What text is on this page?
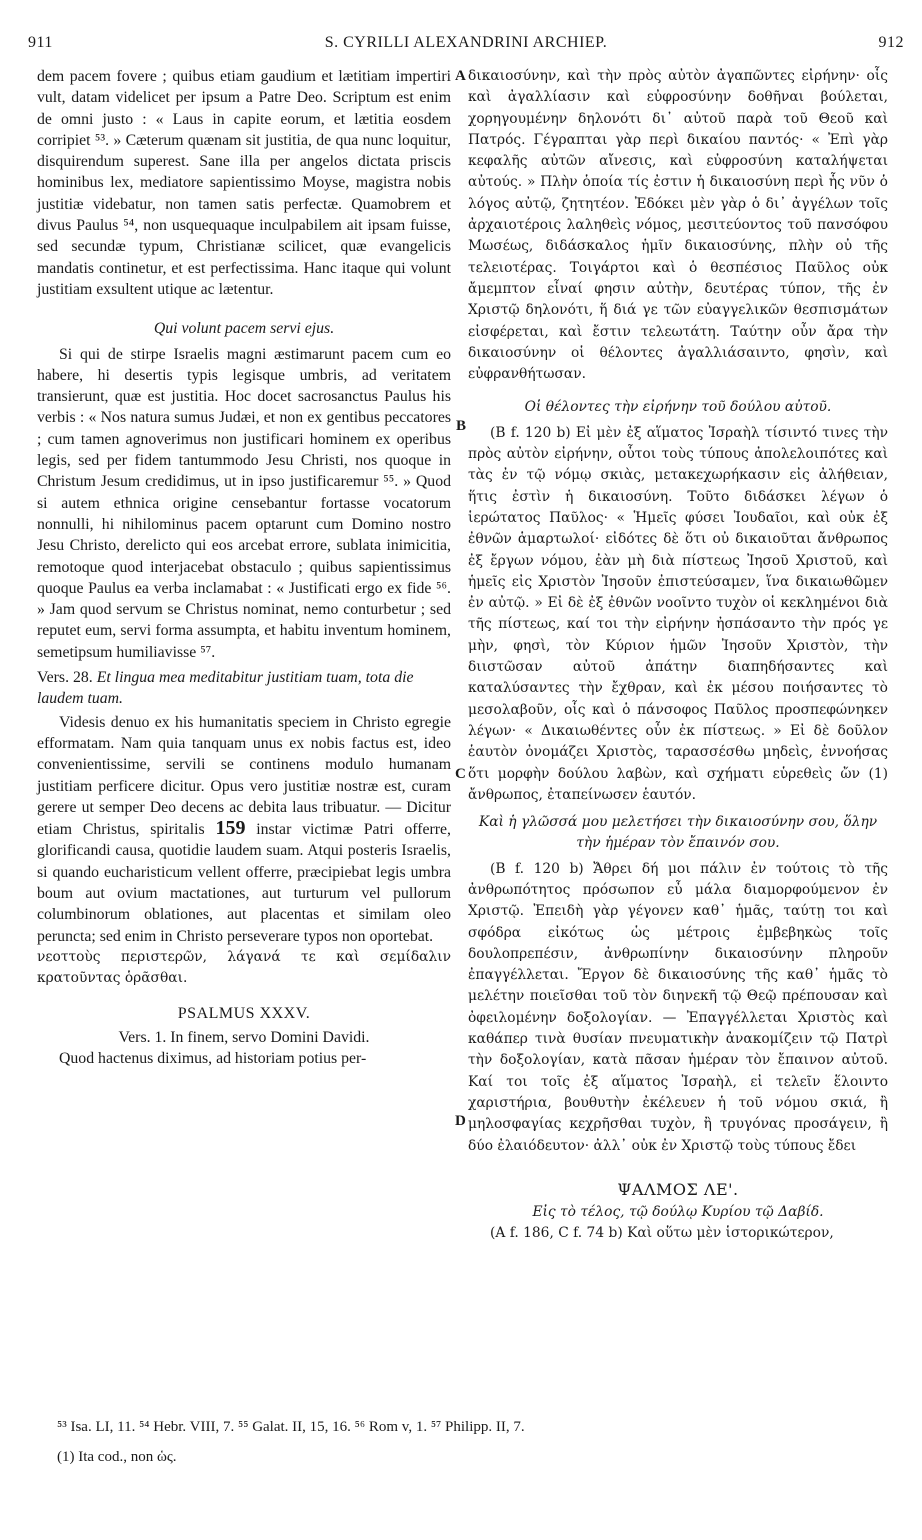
911	S. CYRILLI ALEXANDRINI ARCHIEP.	912
A
B
C
D

dem pacem fovere ; quibus etiam gaudium et lætitiam impertiri vult, datam videlicet per ipsum a Patre Deo. Scriptum est enim de omni justo : « Laus in capite eorum, et lætitia eosdem corripiet ⁵³. » Cæterum quænam sit justitia, de qua nunc loquitur, disquirendum superest. Sane illa per angelos dictata priscis hominibus lex, mediatore sapientissimo Moyse, magistra nobis justitiæ videbatur, non tamen satis perfectæ. Quamobrem et divus Paulus ⁵⁴, non usquequaque inculpabilem ait ipsam fuisse, sed secundæ typum, Christianæ scilicet, quæ evangelicis mandatis continetur, et est perfectissima. Hanc itaque qui volunt justitiam exsultent utique ac lætentur.

Qui volunt pacem servi ejus.

Si qui de stirpe Israelis magni æstimarunt pacem cum eo habere, hi desertis typis legisque umbris, ad veritatem transierunt, quæ est justitia. Hoc docet sacrosanctus Paulus his verbis : « Nos natura sumus Judæi, et non ex gentibus peccatores ; cum tamen agnoverimus non justificari hominem ex operibus legis, sed per fidem tantummodo Jesu Christi, nos quoque in Christum Jesum credidimus, ut in ipso justificaremur ⁵⁵. » Quod si autem ethnica origine censebantur fortasse vocatorum nonnulli, hi nihilominus pacem optarunt cum Domino nostro Jesu Christo, derelicto qui eos arcebat errore, sublata inimicitia, remotoque quod interjacebat obstaculo ; quibus sapientissimus quoque Paulus ea verba inclamabat : « Justificati ergo ex fide ⁵⁶. » Jam quod servum se Christus nominat, nemo conturbetur ; sed reputet eum, servi forma assumpta, et habitu inventum hominem, semetipsum humiliavisse ⁵⁷.

Vers. 28. Et lingua mea meditabitur justitiam tuam, tota die laudem tuam.

Videsis denuo ex his humanitatis speciem in Christo egregie efformatam. Nam quia tanquam unus ex nobis factus est, ideo convenientissime, servili se continens modulo humanam justitiam perficere dicitur. Opus vero justitiæ nostræ est, curam gerere ut semper Deo decens ac debita laus tribuatur. — Dicitur etiam Christus, spiritalis 159 instar victimæ Patri offerre, glorificandi causa, quotidie laudem suam. Atqui posteris Israelis, si quando eucharisticum vellent offerre, præcipiebat legis umbra boum aut ovium mactationes, aut turturum vel pullorum columbinorum oblationes, aut placentas et similam oleo peruncta; sed enim in Christo perseverare typos non oportebat.

νεοττοὺς περιστερῶν, λάγανά τε καὶ σεμίδαλιν κρατοῦντας ὁρᾶσθαι.

PSALMUS XXXV.
Vers. 1. In finem, servo Domini Davidi.

Quod hactenus diximus, ad historiam potius per-

δικαιοσύνην, καὶ τὴν πρὸς αὐτὸν ἀγαπῶντες εἰρήνην· οἷς καὶ ἀγαλλίασιν καὶ εὐφροσύνην δοθῆναι βούλεται, χορηγουμένην δηλονότι δι᾽ αὐτοῦ παρὰ τοῦ Θεοῦ καὶ Πατρός. Γέγραπται γὰρ περὶ δικαίου παντός· « Ἐπὶ γὰρ κεφαλῆς αὐτῶν αἴνεσις, καὶ εὐφροσύνη καταλήψεται αὐτούς. » Πλὴν ὁποία τίς ἐστιν ἡ δικαιοσύνη περὶ ἧς νῦν ὁ λόγος αὐτῷ, ζητητέον. Ἐδόκει μὲν γὰρ ὁ δι᾽ ἀγγέλων τοῖς ἀρχαιοτέροις λαληθεὶς νόμος, μεσιτεύοντος τοῦ πανσόφου Μωσέως, διδάσκαλος ἡμῖν δικαιοσύνης, πλὴν οὐ τῆς τελειοτέρας. Τοιγάρτοι καὶ ὁ θεσπέσιος Παῦλος οὐκ ἄμεμπτον εἶναί φησιν αὐτὴν, δευτέρας τύπον, τῆς ἐν Χριστῷ δηλονότι, ἥ διά γε τῶν εὐαγγελικῶν θεσπισμάτων εἰσφέρεται, καὶ ἔστιν τελεωτάτη. Ταύτην οὖν ἄρα τὴν δικαιοσύνην οἱ θέλοντες ἀγαλλιάσαιντο, φησὶν, καὶ εὐφρανθήτωσαν.

Οἱ θέλοντες τὴν εἰρήνην τοῦ δούλου αὐτοῦ.

(B f. 120 b) Εἰ μὲν ἐξ αἵματος Ἰσραὴλ τίσιντό τινες τὴν πρὸς αὐτὸν εἰρήνην, οὗτοι τοὺς τύπους ἀπολελοιπότες καὶ τὰς ἐν τῷ νόμῳ σκιὰς, μετακεχωρήκασιν εἰς ἀλήθειαν, ἥτις ἐστὶν ἡ δικαιοσύνη. Τοῦτο διδάσκει λέγων ὁ ἱερώτατος Παῦλος· « Ἡμεῖς φύσει Ἰουδαῖοι, καὶ οὐκ ἐξ ἐθνῶν ἁμαρτωλοί· εἰδότες δὲ ὅτι οὐ δικαιοῦται ἄνθρωπος ἐξ ἔργων νόμου, ἐὰν μὴ διὰ πίστεως Ἰησοῦ Χριστοῦ, καὶ ἡμεῖς εἰς Χριστὸν Ἰησοῦν ἐπιστεύσαμεν, ἵνα δικαιωθῶμεν ἐν αὐτῷ. » Εἰ δὲ ἐξ ἐθνῶν νοοῖντο τυχὸν οἱ κεκλημένοι διὰ τῆς πίστεως, καί τοι τὴν εἰρήνην ἠσπάσαντο τὴν πρός γε μὴν, φησὶ, τὸν Κύριον ἡμῶν Ἰησοῦν Χριστὸν, τὴν διιστῶσαν αὐτοῦ ἀπάτην διαπηδήσαντες καὶ καταλύσαντες τὴν ἔχθραν, καὶ ἐκ μέσου ποιήσαντες τὸ μεσολαβοῦν, οἷς καὶ ὁ πάνσοφος Παῦλος προσπεφώνηκεν λέγων· « Δικαιωθέντες οὖν ἐκ πίστεως. » Εἰ δὲ δοῦλον ἑαυτὸν ὀνομάζει Χριστὸς, ταρασσέσθω μηδεὶς, ἐννοήσας ὅτι μορφὴν δούλου λαβὼν, καὶ σχήματι εὑρεθεὶς ὤν (1) ἄνθρωπος, ἐταπείνωσεν ἑαυτόν.

Καὶ ἡ γλῶσσά μου μελετήσει τὴν δικαιοσύνην σου, ὅλην τὴν ἡμέραν τὸν ἔπαινόν σου.

(B f. 120 b) Ἄθρει δή μοι πάλιν ἐν τούτοις τὸ τῆς ἀνθρωπότητος πρόσωπον εὖ μάλα διαμορφούμενον ἐν Χριστῷ. Ἐπειδὴ γὰρ γέγονεν καθ᾽ ἡμᾶς, ταύτῃ τοι καὶ σφόδρα εἰκότως ὡς μέτροις ἐμβεβηκὼς τοῖς δουλοπρεπέσιν, ἀνθρωπίνην δικαιοσύνην πληροῦν ἐπαγγέλλεται. Ἔργον δὲ δικαιοσύνης τῆς καθ᾽ ἡμᾶς τὸ μελέτην ποιεῖσθαι τοῦ τὸν διηνεκῆ τῷ Θεῷ πρέπουσαν καὶ ὀφειλομένην δοξολογίαν. — Ἐπαγγέλλεται Χριστὸς καὶ καθάπερ τινὰ θυσίαν πνευματικὴν ἀνακομίζειν τῷ Πατρὶ τὴν δοξολογίαν, κατὰ πᾶσαν ἡμέραν τὸν ἔπαινον αὐτοῦ. Καί τοι τοῖς ἐξ αἵματος Ἰσραὴλ, εἰ τελεῖν ἕλοιντο χαριστήρια, βουθυτὴν ἐκέλευεν ἡ τοῦ νόμου σκιά, ἢ μηλοσφαγίας κεχρῆσθαι τυχὸν, ἢ τρυγόνας προσάγειν, ἢ δύο ἐλαιόδευτον· ἀλλ᾽ οὐκ ἐν Χριστῷ τοὺς τύπους ἔδει

ΨΑΛΜΟΣ ΛΕ'.
Εἰς τὸ τέλος, τῷ δούλῳ Κυρίου τῷ Δαβίδ.

(A f. 186, C f. 74 b) Καὶ οὕτω μὲν ἱστορικώτερον,

⁵³ Isa. LI, 11. ⁵⁴ Hebr. VIII, 7. ⁵⁵ Galat. II, 15, 16. ⁵⁶ Rom v, 1. ⁵⁷ Philipp. II, 7.
(1) Ita cod., non ὡς.
